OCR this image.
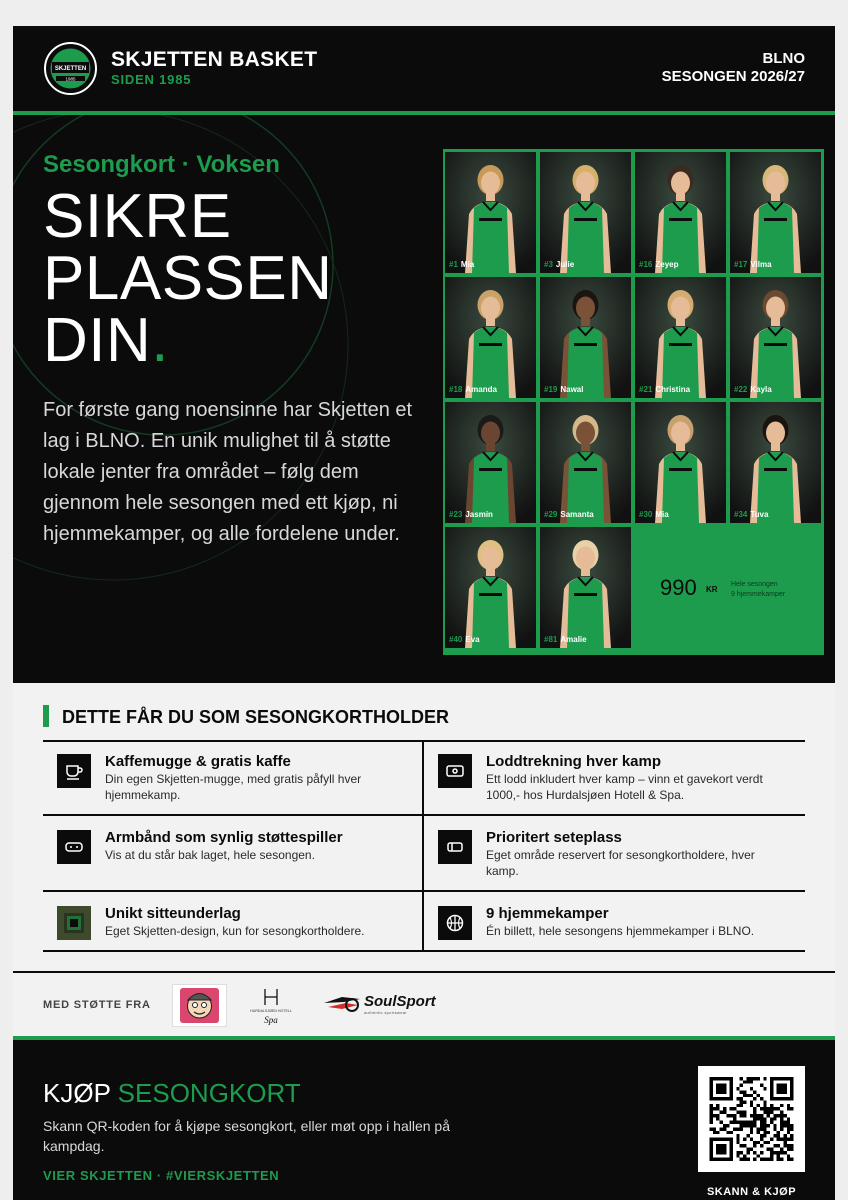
SKJETTEN
1985
SKJETTEN BASKET
SIDEN 1985
BLNO
SESONGEN 2026/27
Sesongkort · Voksen
SIKRE
PLASSEN
DIN.
For første gang noensinne har Skjetten et lag i BLNO. En unik mulighet til å støtte lokale jenter fra området – følg dem gjennom hele sesongen med ett kjøp, ni hjemmekamper, og alle fordelene under.
990 KR
Hele sesongen
9 hjemmekamper
#1 Mia	#3 Julie	#16 Zeyep	#17 Vilma
#18 Amanda	#19 Nawal	#21 Christina	#22 Kayla
#23 Jasmin	#29 Samanta	#30 Mia	#34 Tuva
#40 Eva	#81 Amalie
DETTE FÅR DU SOM SESONGKORTHOLDER
Kaffemugge & gratis kaffe
Din egen Skjetten-mugge, med gratis påfyll hver hjemmekamp.
Loddtrekning hver kamp
Ett lodd inkludert hver kamp – vinn et gavekort verdt 1000,- hos Hurdalsjøen Hotell & Spa.
Armbånd som synlig støttespiller
Vis at du står bak laget, hele sesongen.
Prioritert seteplass
Eget område reservert for sesongkortholdere, hver kamp.
Unikt sitteunderlag
Eget Skjetten-design, kun for sesongkortholdere.
9 hjemmekamper
Én billett, hele sesongens hjemmekamper i BLNO.
MED STØTTE FRA	HURDALSJØEN HOTELL
Spa
SoulSport
authentic sportswear
KJØP SESONGKORT
Skann QR-koden for å kjøpe sesongkort, eller møt opp i hallen på kampdag.
VIER SKJETTEN · #VIERSKJETTEN
SKANN & KJØP
